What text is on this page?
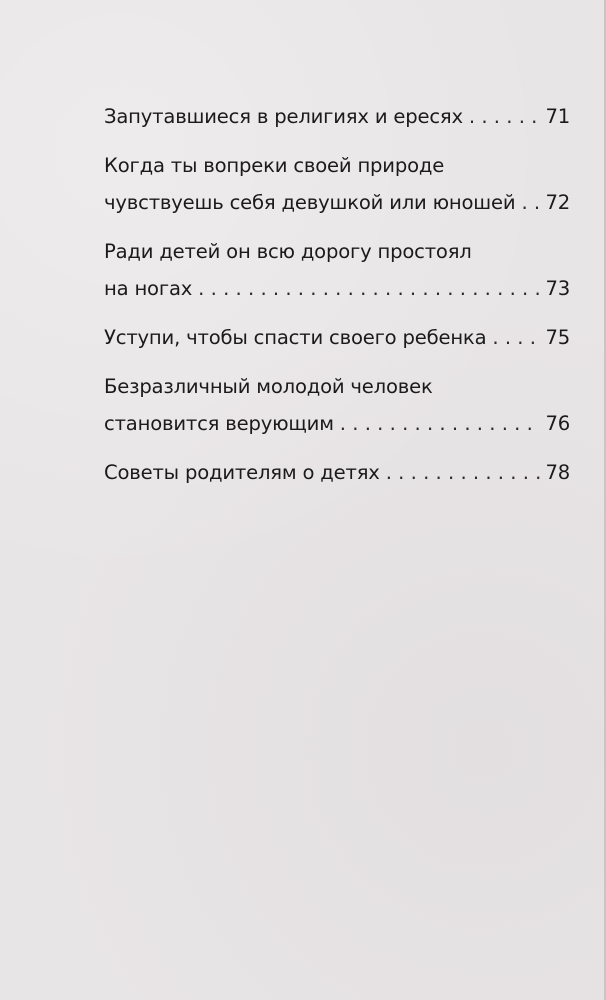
Запутавшиеся в религиях и ересях . . .	71
Когда ты вопреки своей природе
чувствуешь себя девушкой или юношей . . . 72
Ради детей он всю дорогу простоял
на ногах . . .	73
Уступи, чтобы спасти своего ребенка . . .	75
Безразличный молодой человек
становится верующим . . .	76
Советы родителям о детях . . .	78
